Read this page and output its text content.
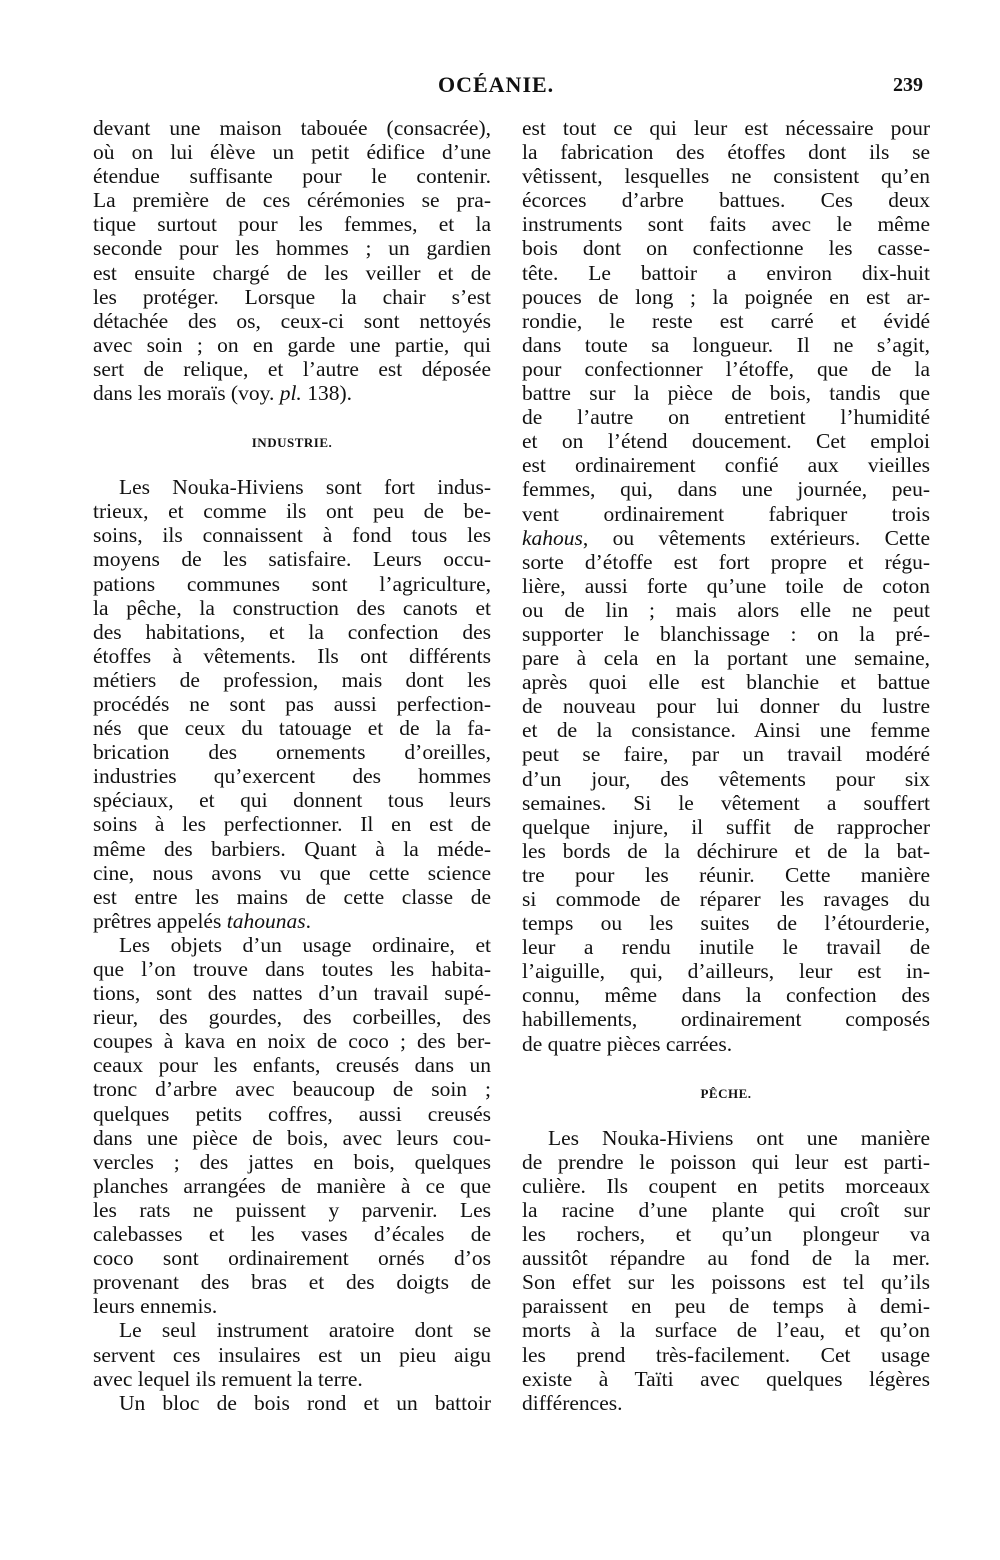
OCÉANIE.	239
devant une maison tabouée (consacrée),
où on lui élève un petit édifice d’une
étendue suffisante pour le contenir.
La première de ces cérémonies se pra-
tique surtout pour les femmes, et la
seconde pour les hommes ; un gardien
est ensuite chargé de les veiller et de
les protéger. Lorsque la chair s’est
détachée des os, ceux-ci sont nettoyés
avec soin ; on en garde une partie, qui
sert de relique, et l’autre est déposée
dans les moraïs (voy. pl. 138).
INDUSTRIE.
Les Nouka-Hiviens sont fort indus-
trieux, et comme ils ont peu de be-
soins, ils connaissent à fond tous les
moyens de les satisfaire. Leurs occu-
pations communes sont l’agriculture,
la pêche, la construction des canots et
des habitations, et la confection des
étoffes à vêtements. Ils ont différents
métiers de profession, mais dont les
procédés ne sont pas aussi perfection-
nés que ceux du tatouage et de la fa-
brication des ornements d’oreilles,
industries qu’exercent des hommes
spéciaux, et qui donnent tous leurs
soins à les perfectionner. Il en est de
même des barbiers. Quant à la méde-
cine, nous avons vu que cette science
est entre les mains de cette classe de
prêtres appelés tahounas.
Les objets d’un usage ordinaire, et
que l’on trouve dans toutes les habita-
tions, sont des nattes d’un travail supé-
rieur, des gourdes, des corbeilles, des
coupes à kava en noix de coco ; des ber-
ceaux pour les enfants, creusés dans un
tronc d’arbre avec beaucoup de soin ;
quelques petits coffres, aussi creusés
dans une pièce de bois, avec leurs cou-
vercles ; des jattes en bois, quelques
planches arrangées de manière à ce que
les rats ne puissent y parvenir. Les
calebasses et les vases d’écales de
coco sont ordinairement ornés d’os
provenant des bras et des doigts de
leurs ennemis.
Le seul instrument aratoire dont se
servent ces insulaires est un pieu aigu
avec lequel ils remuent la terre.
Un bloc de bois rond et un battoir
est tout ce qui leur est nécessaire pour
la fabrication des étoffes dont ils se
vêtissent, lesquelles ne consistent qu’en
écorces d’arbre battues. Ces deux
instruments sont faits avec le même
bois dont on confectionne les casse-
tête. Le battoir a environ dix-huit
pouces de long ; la poignée en est ar-
rondie, le reste est carré et évidé
dans toute sa longueur. Il ne s’agit,
pour confectionner l’étoffe, que de la
battre sur la pièce de bois, tandis que
de l’autre on entretient l’humidité
et on l’étend doucement. Cet emploi
est ordinairement confié aux vieilles
femmes, qui, dans une journée, peu-
vent ordinairement fabriquer trois
kahous, ou vêtements extérieurs. Cette
sorte d’étoffe est fort propre et régu-
lière, aussi forte qu’une toile de coton
ou de lin ; mais alors elle ne peut
supporter le blanchissage : on la pré-
pare à cela en la portant une semaine,
après quoi elle est blanchie et battue
de nouveau pour lui donner du lustre
et de la consistance. Ainsi une femme
peut se faire, par un travail modéré
d’un jour, des vêtements pour six
semaines. Si le vêtement a souffert
quelque injure, il suffit de rapprocher
les bords de la déchirure et de la bat-
tre pour les réunir. Cette manière
si commode de réparer les ravages du
temps ou les suites de l’étourderie,
leur a rendu inutile le travail de
l’aiguille, qui, d’ailleurs, leur est in-
connu, même dans la confection des
habillements, ordinairement composés
de quatre pièces carrées.
PÊCHE.
Les Nouka-Hiviens ont une manière
de prendre le poisson qui leur est parti-
culière. Ils coupent en petits morceaux
la racine d’une plante qui croît sur
les rochers, et qu’un plongeur va
aussitôt répandre au fond de la mer.
Son effet sur les poissons est tel qu’ils
paraissent en peu de temps à demi-
morts à la surface de l’eau, et qu’on
les prend très-facilement. Cet usage
existe à Taïti avec quelques légères
différences.
